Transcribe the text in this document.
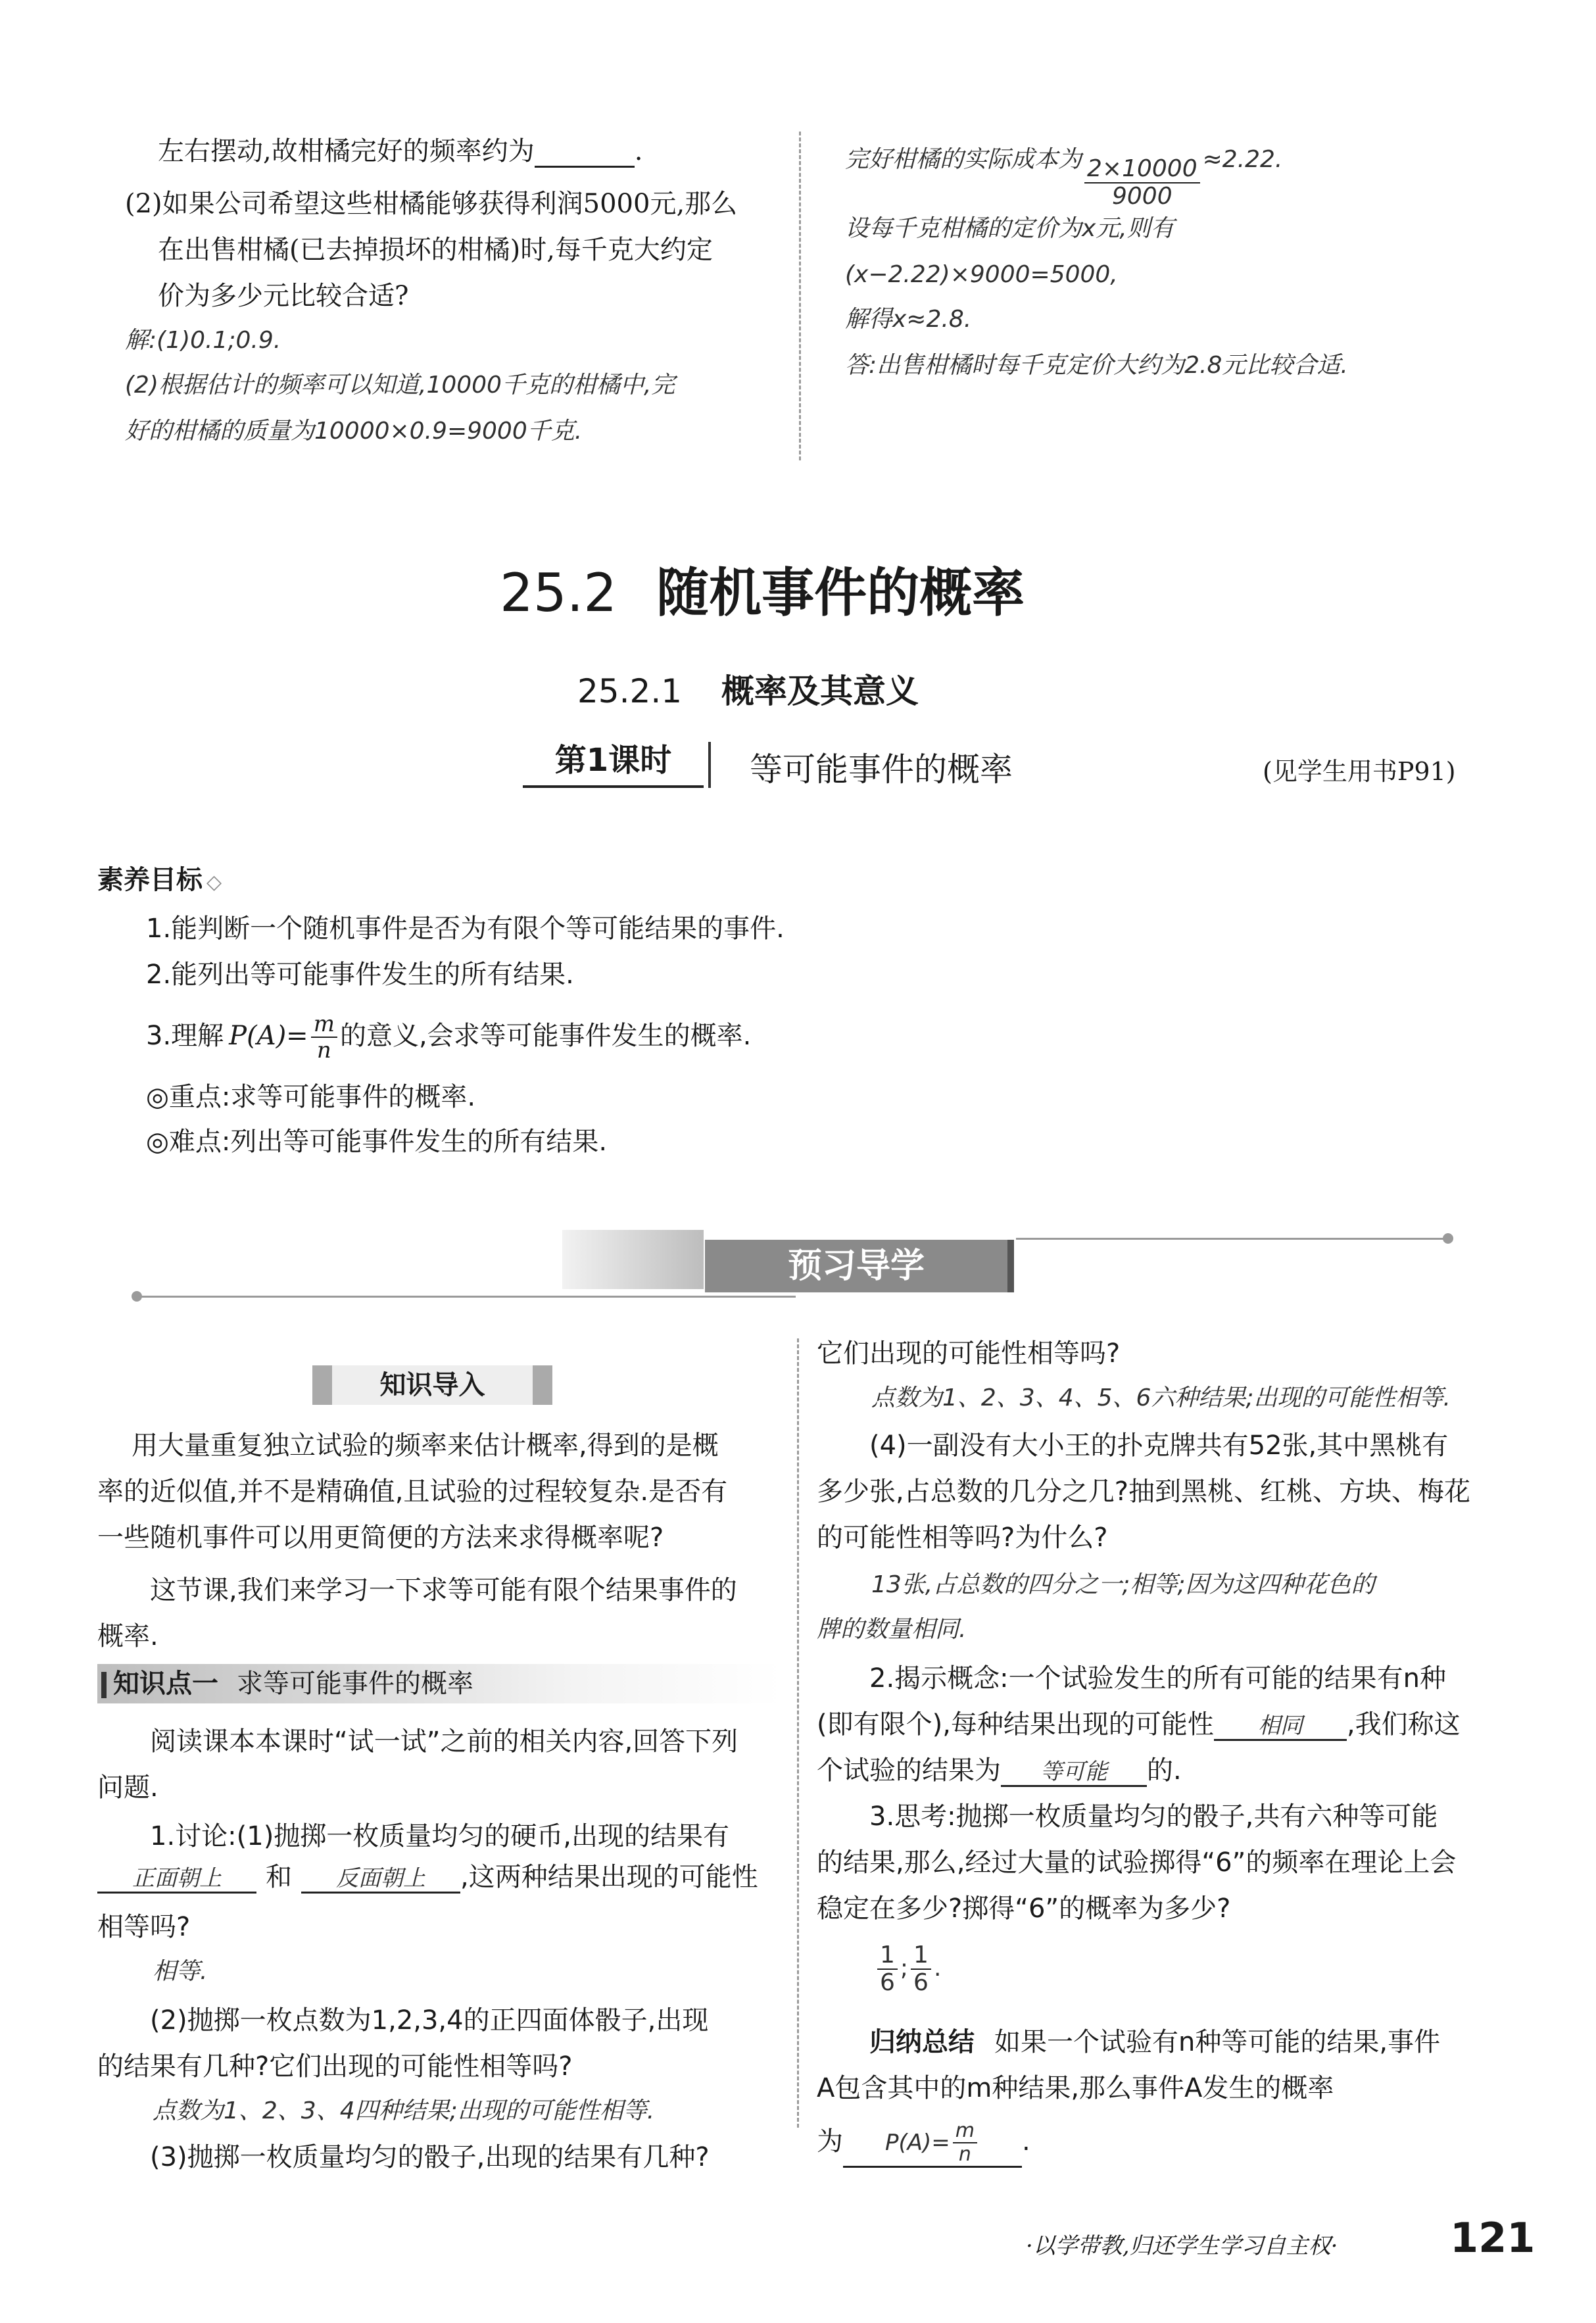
左右摆动,故柑橘完好的频率约为	.
(2)如果公司希望这些柑橘能够获得利润5000元,那么
在出售柑橘(已去掉损坏的柑橘)时,每千克大约定
价为多少元比较合适?
解:(1)0.1;0.9.
(2)根据估计的频率可以知道,10000千克的柑橘中,完
好的柑橘的质量为10000×0.9=9000千克.
完好柑橘的实际成本为 $\frac{2\times 10000}{9000} \approx 2.22$.
设每千克柑橘的定价为x元,则有
(x−2.22)×9000=5000,
解得x≈2.8.
答:出售柑橘时每千克定价大约为2.8元比较合适.
25.2 随机事件的概率
25.2.1 概率及其意义
第1课时	等可能事件的概率	(见学生用书P91)
素养目标 ◇
1.能判断一个随机事件是否为有限个等可能结果的事件.
2.能列出等可能事件发生的所有结果.
3.理解 $P(A)= \frac{m}{n}$ 的意义,会求等可能事件发生的概率.
◎重点:求等可能事件的概率.
◎难点:列出等可能事件发生的所有结果.
预习导学
知识导入
用大量重复独立试验的频率来估计概率,得到的是概
率的近似值,并不是精确值,且试验的过程较复杂.是否有
一些随机事件可以用更简便的方法来求得概率呢?
这节课,我们来学习一下求等可能有限个结果事件的
概率.
知识点一 求等可能事件的概率
阅读课本本课时“试一试”之前的相关内容,回答下列
问题.
1.讨论:(1)抛掷一枚质量均匀的硬币,出现的结果有
正面朝上 和 反面朝上 ,这两种结果出现的可能性
相等吗?
相等.
(2)抛掷一枚点数为1,2,3,4的正四面体骰子,出现
的结果有几种?它们出现的可能性相等吗?
点数为1、2、3、4四种结果;出现的可能性相等.
(3)抛掷一枚质量均匀的骰子,出现的结果有几种?
它们出现的可能性相等吗?
点数为1、2、3、4、5、6六种结果;出现的可能性相等.
(4)一副没有大小王的扑克牌共有52张,其中黑桃有
多少张,占总数的几分之几?抽到黑桃、红桃、方块、梅花
的可能性相等吗?为什么?
13张,占总数的四分之一;相等;因为这四种花色的
牌的数量相同.
2.揭示概念:一个试验发生的所有可能的结果有n种
(即有限个),每种结果出现的可能性 相同 ,我们称这
个试验的结果为 等可能 的.
3.思考:抛掷一枚质量均匀的骰子,共有六种等可能
的结果,那么,经过大量的试验掷得“6”的频率在理论上会
稳定在多少?掷得“6”的概率为多少?
$\frac{1}{6}$ ; $\frac{1}{6}$ .
归纳总结 如果一个试验有n种等可能的结果,事件
A包含其中的m种结果,那么事件A发生的概率
为 $P(A)= \frac{m}{n}$ .
·以学带教,归还学生学习自主权·	121
